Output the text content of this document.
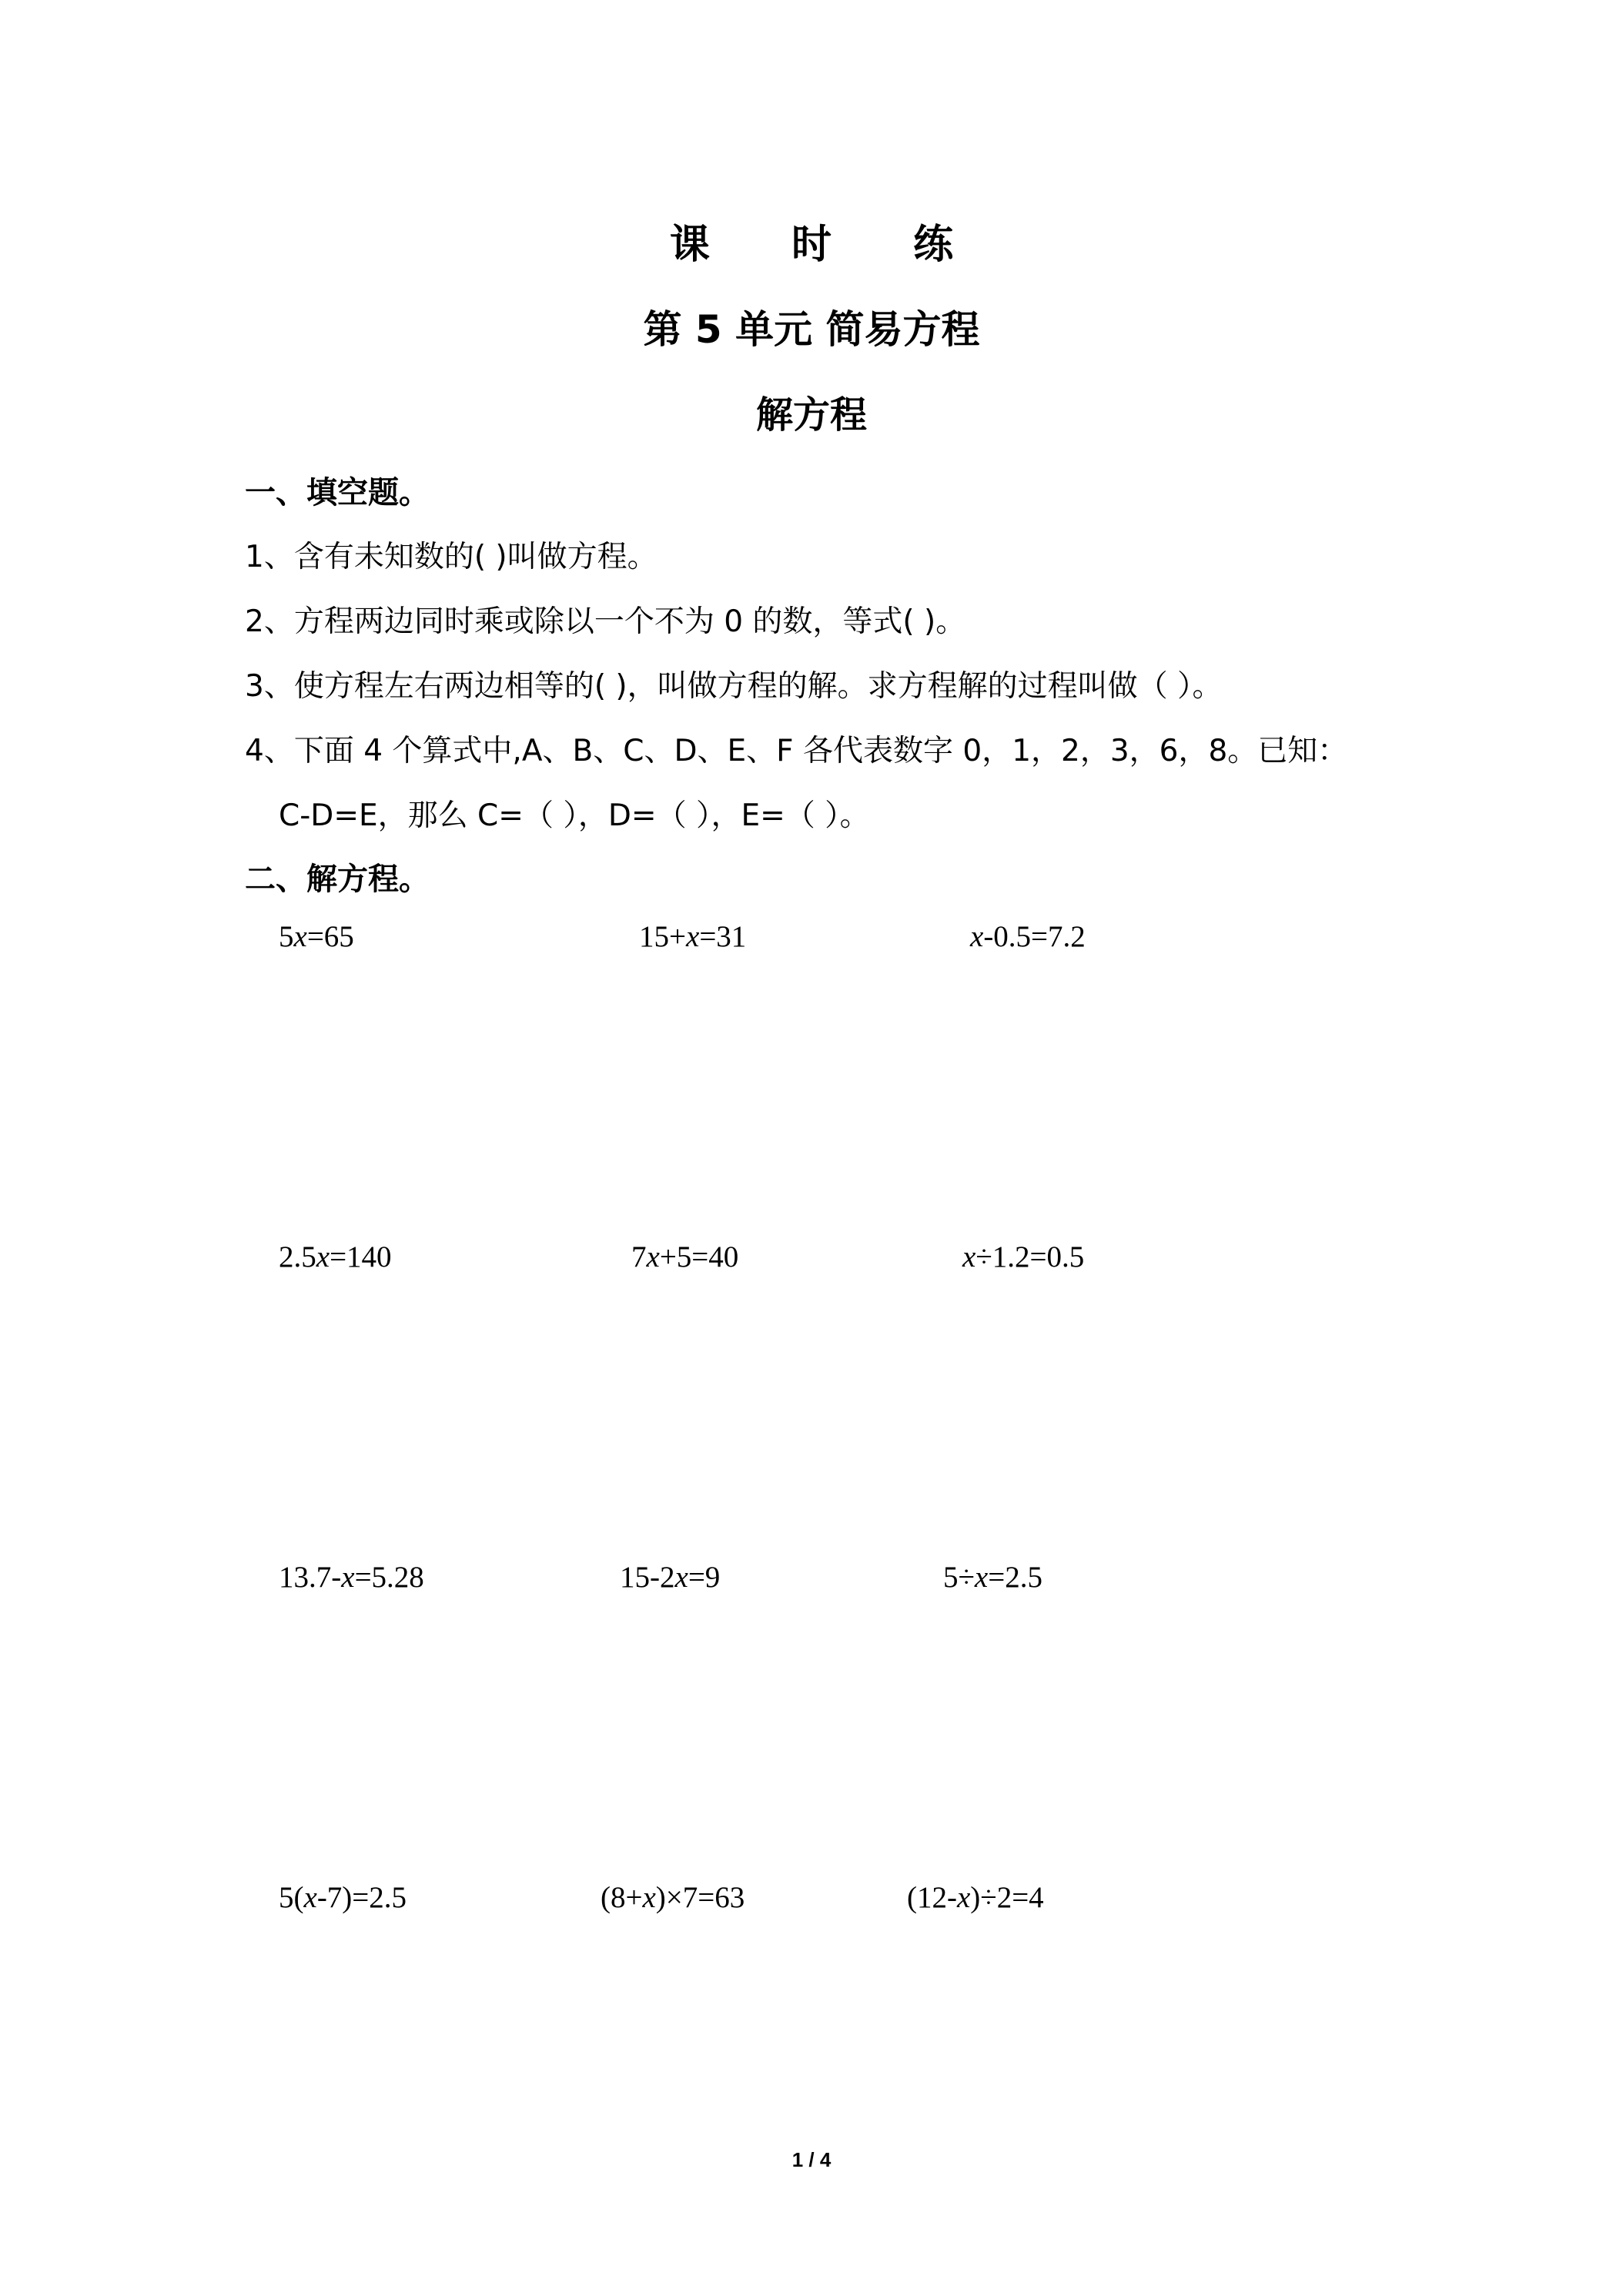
课 时 练
第 5 单元 简易方程
解方程
一、填空题。
1、含有未知数的( )叫做方程。
2、方程两边同时乘或除以一个不为 0 的数，等式( )。
3、使方程左右两边相等的( )，叫做方程的解。求方程解的过程叫做（ ）。
4、下面 4 个算式中,A、B、C、D、E、F 各代表数字 0，1，2，3，6，8。已知：
C-D=E，那么 C=（ ），D=（ ），E=（ ）。
二、解方程。
5x=65	15+x=31	x-0.5=7.2
2.5x=140	7x+5=40	x÷1.2=0.5
13.7-x=5.28	15-2x=9	5÷x=2.5
5(x-7)=2.5	(8+x)×7=63	(12-x)÷2=4
1 / 4
